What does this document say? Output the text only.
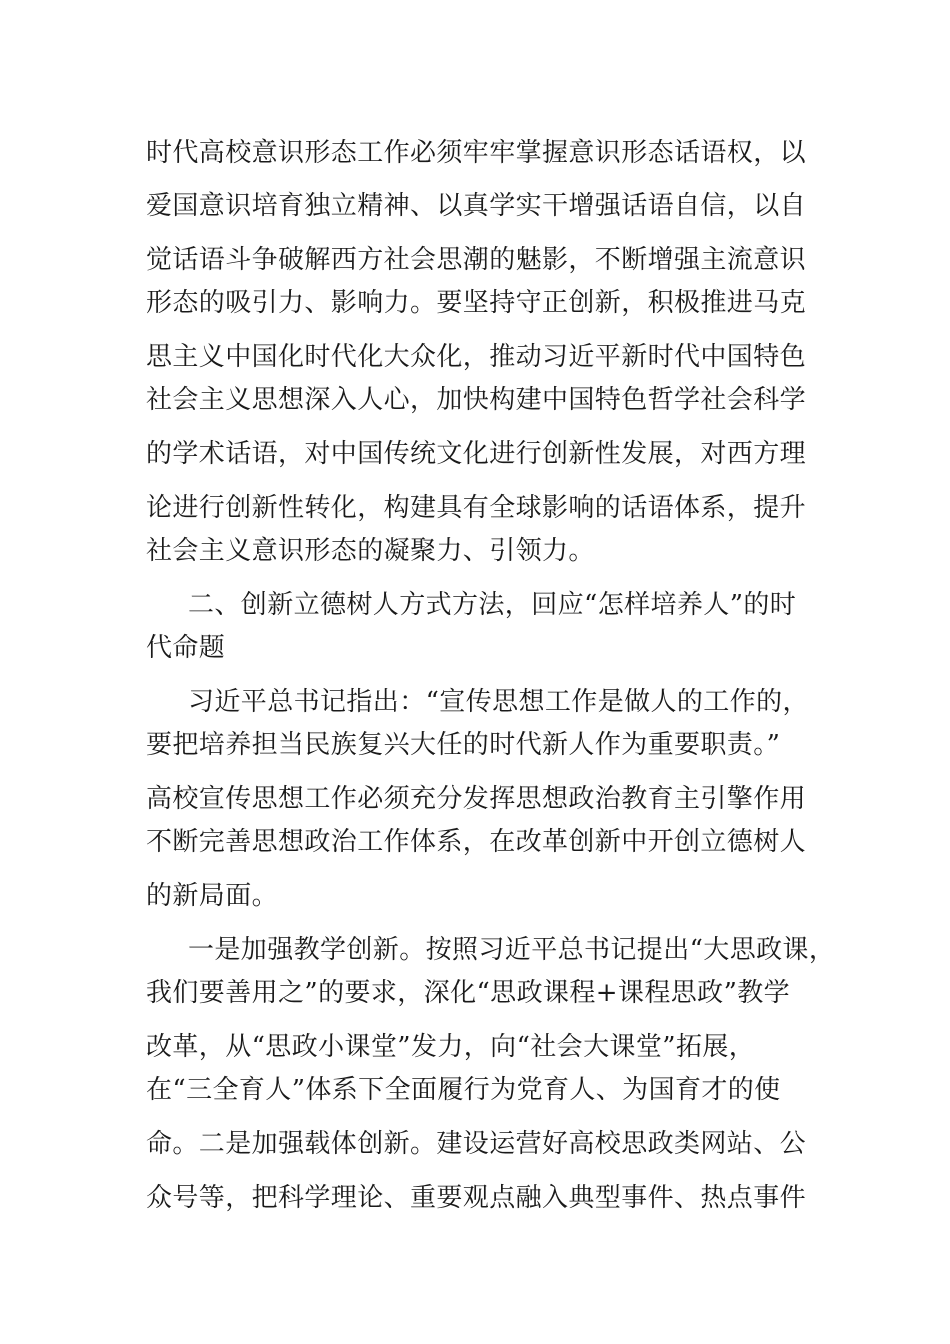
时代高校意识形态工作必须牢牢掌握意识形态话语权，以
爱国意识培育独立精神、以真学实干增强话语自信，以自
觉话语斗争破解西方社会思潮的魅影，不断增强主流意识
形态的吸引力、影响力。要坚持守正创新，积极推进马克
思主义中国化时代化大众化，推动习近平新时代中国特色
社会主义思想深入人心，加快构建中国特色哲学社会科学
的学术话语，对中国传统文化进行创新性发展，对西方理
论进行创新性转化，构建具有全球影响的话语体系，提升
社会主义意识形态的凝聚力、引领力。
二、创新立德树人方式方法，回应“怎样培养人”的时
代命题
习近平总书记指出：“宣传思想工作是做人的工作的，
要把培养担当民族复兴大任的时代新人作为重要职责。”
高校宣传思想工作必须充分发挥思想政治教育主引擎作用
不断完善思想政治工作体系，在改革创新中开创立德树人
的新局面。
一是加强教学创新。按照习近平总书记提出“大思政课，
我们要善用之”的要求，深化“思政课程+课程思政”教学
改革，从“思政小课堂”发力，向“社会大课堂”拓展，
在“三全育人”体系下全面履行为党育人、为国育才的使
命。二是加强载体创新。建设运营好高校思政类网站、公
众号等，把科学理论、重要观点融入典型事件、热点事件
